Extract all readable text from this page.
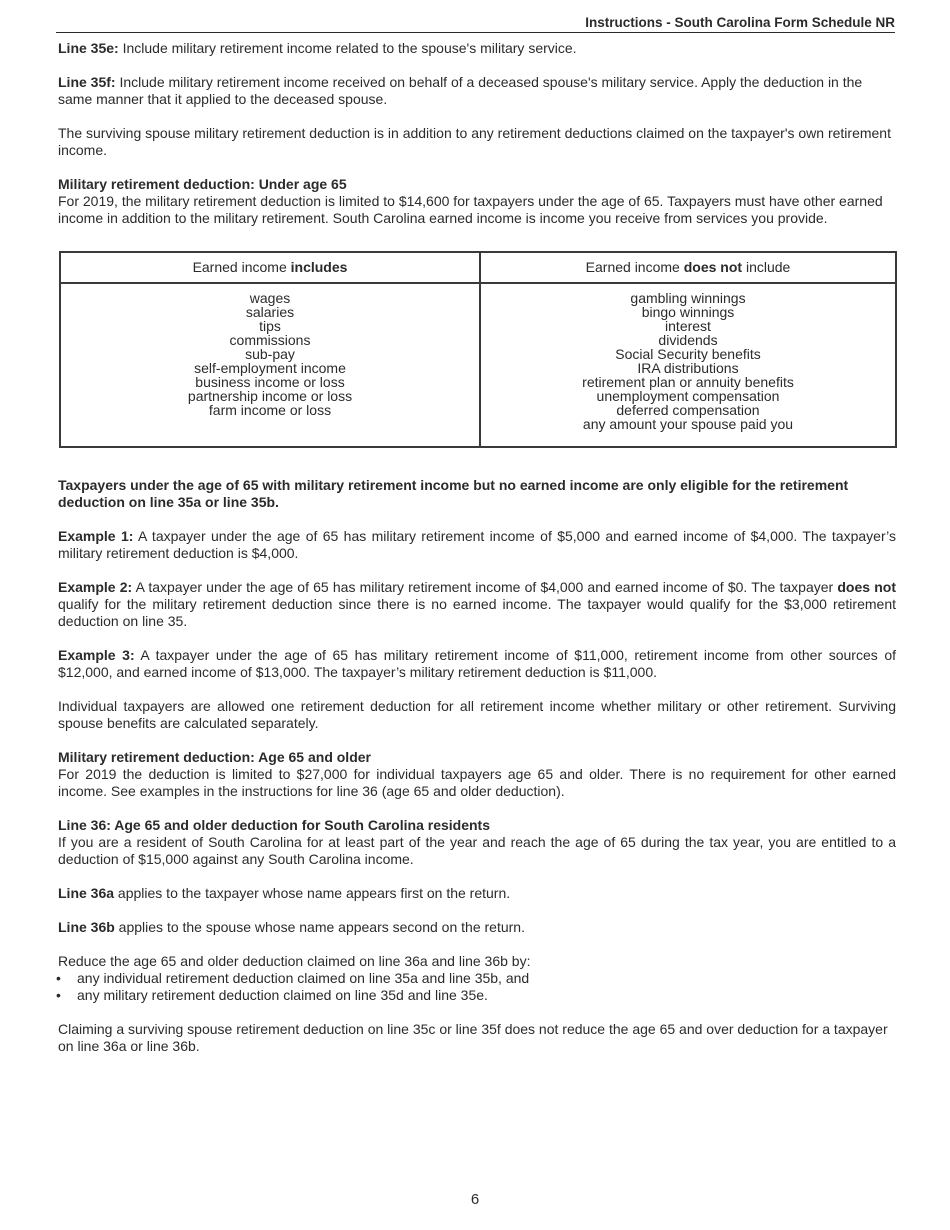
Instructions - South Carolina Form Schedule NR

Line 35e: Include military retirement income related to the spouse's military service.

Line 35f: Include military retirement income received on behalf of a deceased spouse's military service. Apply the deduction in the same manner that it applied to the deceased spouse.

The surviving spouse military retirement deduction is in addition to any retirement deductions claimed on the taxpayer's own retirement income.

Military retirement deduction: Under age 65

For 2019, the military retirement deduction is limited to $14,600 for taxpayers under the age of 65. Taxpayers must have other earned income in addition to the military retirement. South Carolina earned income is income you receive from services you provide.

Earned income includes
wages
salaries
tips
commissions
sub-pay
self-employment income
business income or loss
partnership income or loss
farm income or loss
Earned income does not include
gambling winnings
bingo winnings
interest
dividends
Social Security benefits
IRA distributions
retirement plan or annuity benefits
unemployment compensation
deferred compensation
any amount your spouse paid you

Taxpayers under the age of 65 with military retirement income but no earned income are only eligible for the retirement deduction on line 35a or line 35b.

Example 1: A taxpayer under the age of 65 has military retirement income of $5,000 and earned income of $4,000. The taxpayer’s military retirement deduction is $4,000.

Example 2: A taxpayer under the age of 65 has military retirement income of $4,000 and earned income of $0. The taxpayer does not qualify for the military retirement deduction since there is no earned income. The taxpayer would qualify for the $3,000 retirement deduction on line 35.

Example 3: A taxpayer under the age of 65 has military retirement income of $11,000, retirement income from other sources of $12,000, and earned income of $13,000. The taxpayer’s military retirement deduction is $11,000.

Individual taxpayers are allowed one retirement deduction for all retirement income whether military or other retirement. Surviving spouse benefits are calculated separately.

Military retirement deduction: Age 65 and older

For 2019 the deduction is limited to $27,000 for individual taxpayers age 65 and older. There is no requirement for other earned income. See examples in the instructions for line 36 (age 65 and older deduction).

Line 36: Age 65 and older deduction for South Carolina residents

If you are a resident of South Carolina for at least part of the year and reach the age of 65 during the tax year, you are entitled to a deduction of $15,000 against any South Carolina income.

Line 36a applies to the taxpayer whose name appears first on the return.

Line 36b applies to the spouse whose name appears second on the return.

Reduce the age 65 and older deduction claimed on line 36a and line 36b by:

• any individual retirement deduction claimed on line 35a and line 35b, and
• any military retirement deduction claimed on line 35d and line 35e.

Claiming a surviving spouse retirement deduction on line 35c or line 35f does not reduce the age 65 and over deduction for a taxpayer on line 36a or line 36b.

6
